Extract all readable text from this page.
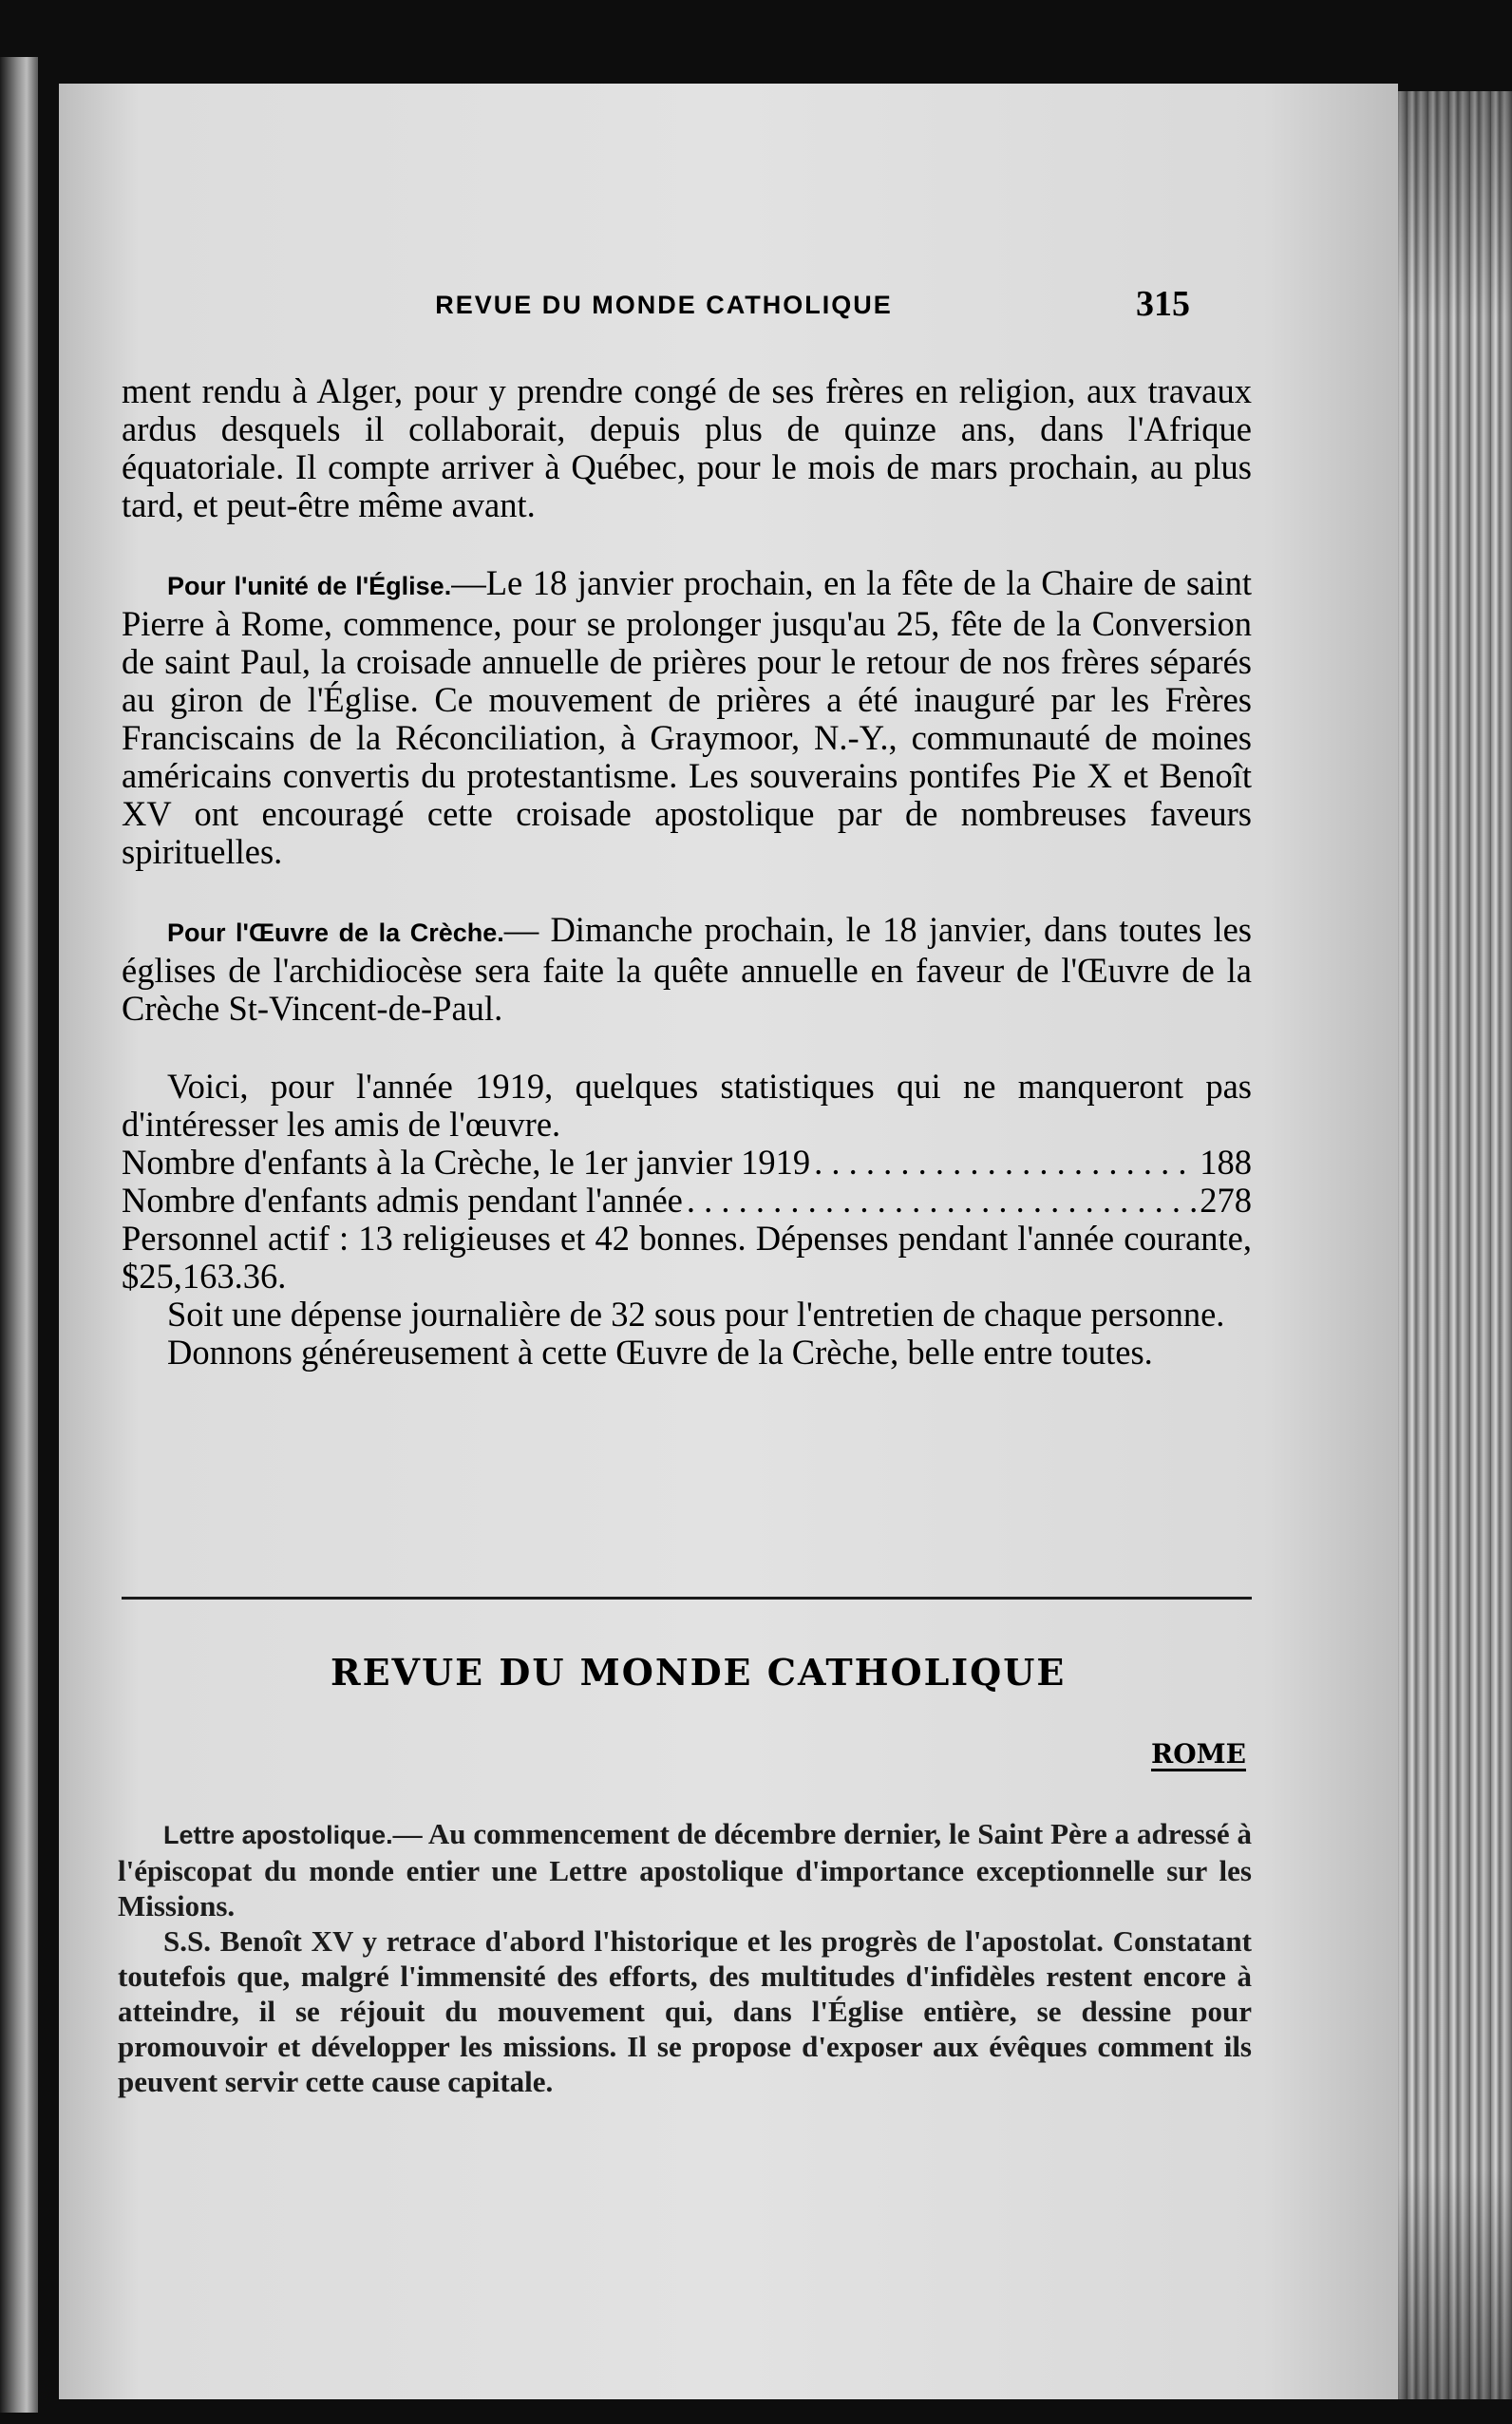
REVUE DU MONDE CATHOLIQUE	315

ment rendu à Alger, pour y prendre congé de ses frères en religion, aux travaux ardus desquels il collaborait, depuis plus de quinze ans, dans l'Afrique équatoriale. Il compte arriver à Québec, pour le mois de mars prochain, au plus tard, et peut-être même avant.

Pour l'unité de l'Église.—Le 18 janvier prochain, en la fête de la Chaire de saint Pierre à Rome, commence, pour se prolonger jusqu'au 25, fête de la Conversion de saint Paul, la croisade annuelle de prières pour le retour de nos frères séparés au giron de l'Église. Ce mouvement de prières a été inauguré par les Frères Franciscains de la Réconciliation, à Graymoor, N.-Y., communauté de moines américains convertis du protestantisme. Les souverains pontifes Pie X et Benoît XV ont encouragé cette croisade apostolique par de nombreuses faveurs spirituelles.

Pour l'Œuvre de la Crèche.— Dimanche prochain, le 18 janvier, dans toutes les églises de l'archidiocèse sera faite la quête annuelle en faveur de l'Œuvre de la Crèche St-Vincent-de-Paul.

Voici, pour l'année 1919, quelques statistiques qui ne manqueront pas d'intéresser les amis de l'œuvre.

Nombre d'enfants à la Crèche, le 1er janvier 1919 . . .	188
Nombre d'enfants admis pendant l'année . . .	278

Personnel actif : 13 religieuses et 42 bonnes. Dépenses pendant l'année courante, $25,163.36.

Soit une dépense journalière de 32 sous pour l'entretien de chaque personne.

Donnons généreusement à cette Œuvre de la Crèche, belle entre toutes.

REVUE DU MONDE CATHOLIQUE
ROME

Lettre apostolique.— Au commencement de décembre dernier, le Saint Père a adressé à l'épiscopat du monde entier une Lettre apostolique d'importance exceptionnelle sur les Missions.

S.S. Benoît XV y retrace d'abord l'historique et les progrès de l'apostolat. Constatant toutefois que, malgré l'immensité des efforts, des multitudes d'infidèles restent encore à atteindre, il se réjouit du mouvement qui, dans l'Église entière, se dessine pour promouvoir et développer les missions. Il se propose d'exposer aux évêques comment ils peuvent servir cette cause capitale.
